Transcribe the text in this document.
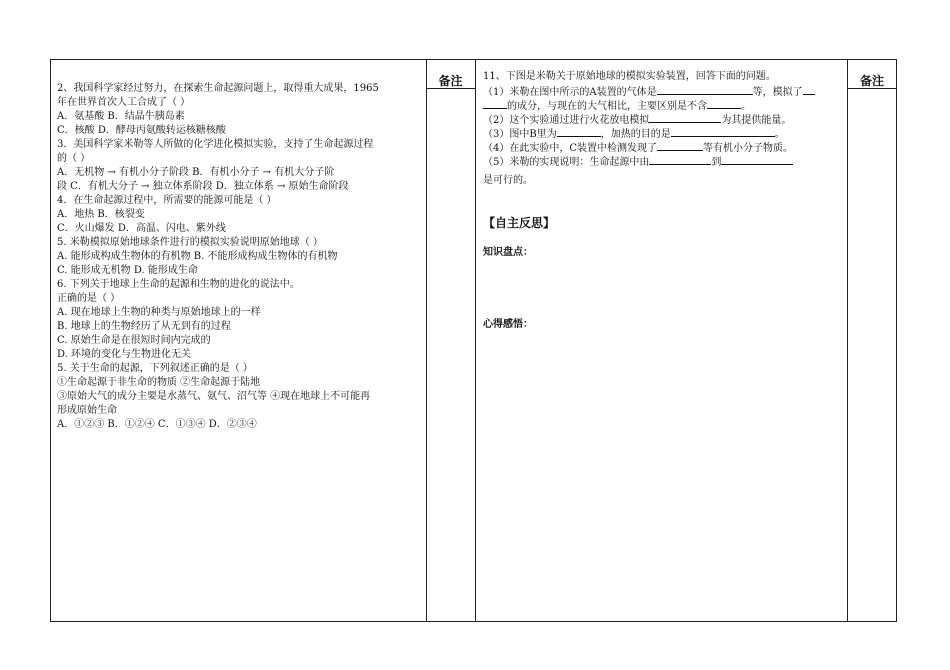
2、我国科学家经过努力，在探索生命起源问题上，取得重大成果，1965
年在世界首次人工合成了（ ）
A．氨基酸 B．结晶牛胰岛素
C．核酸 D．酵母丙氨酸转运核糖核酸
3．美国科学家米勒等人所做的化学进化模拟实验，支持了生命起源过程
的（ ）
A．无机物 → 有机小分子阶段 B．有机小分子 → 有机大分子阶
段 C．有机大分子 → 独立体系阶段 D．独立体系 → 原始生命阶段
4．在生命起源过程中，所需要的能源可能是（ ）
A．地热 B．核裂变
C．火山爆发 D．高温、闪电、紫外线
5. 米勒模拟原始地球条件进行的模拟实验说明原始地球（ ）
A. 能形成构成生物体的有机物 B. 不能形成构成生物体的有机物
C. 能形成无机物 D. 能形成生命
6. 下列关于地球上生命的起源和生物的进化的说法中。
正确的是（ ）
A. 现在地球上生物的种类与原始地球上的一样
B. 地球上的生物经历了从无到有的过程
C. 原始生命是在很短时间内完成的
D. 环境的变化与生物进化无关
5. 关于生命的起源，下列叙述正确的是（ ）
①生命起源于非生命的物质 ②生命起源于陆地
③原始大气的成分主要是水蒸气、氨气、沼气等 ④现在地球上不可能再
形成原始生命
A．①②③ B．①②④ C．①③④ D．②③④
备注	备注
11、下图是米勒关于原始地球的模拟实验装置，回答下面的问题。
（1）米勒在图中所示的A装置的气体是	等，模拟了
的成分，与现在的大气相比，主要区别是不含	。
（2）这个实验通过进行火花放电模拟	为其提供能量。
（3）图中B里为	，加热的目的是	。
（4）在此实验中，C装置中检测发现了	等有机小分子物质。
（5）米勒的实现说明：生命起源中由	到
是可行的。
【自主反思】
知识盘点：
心得感悟：
